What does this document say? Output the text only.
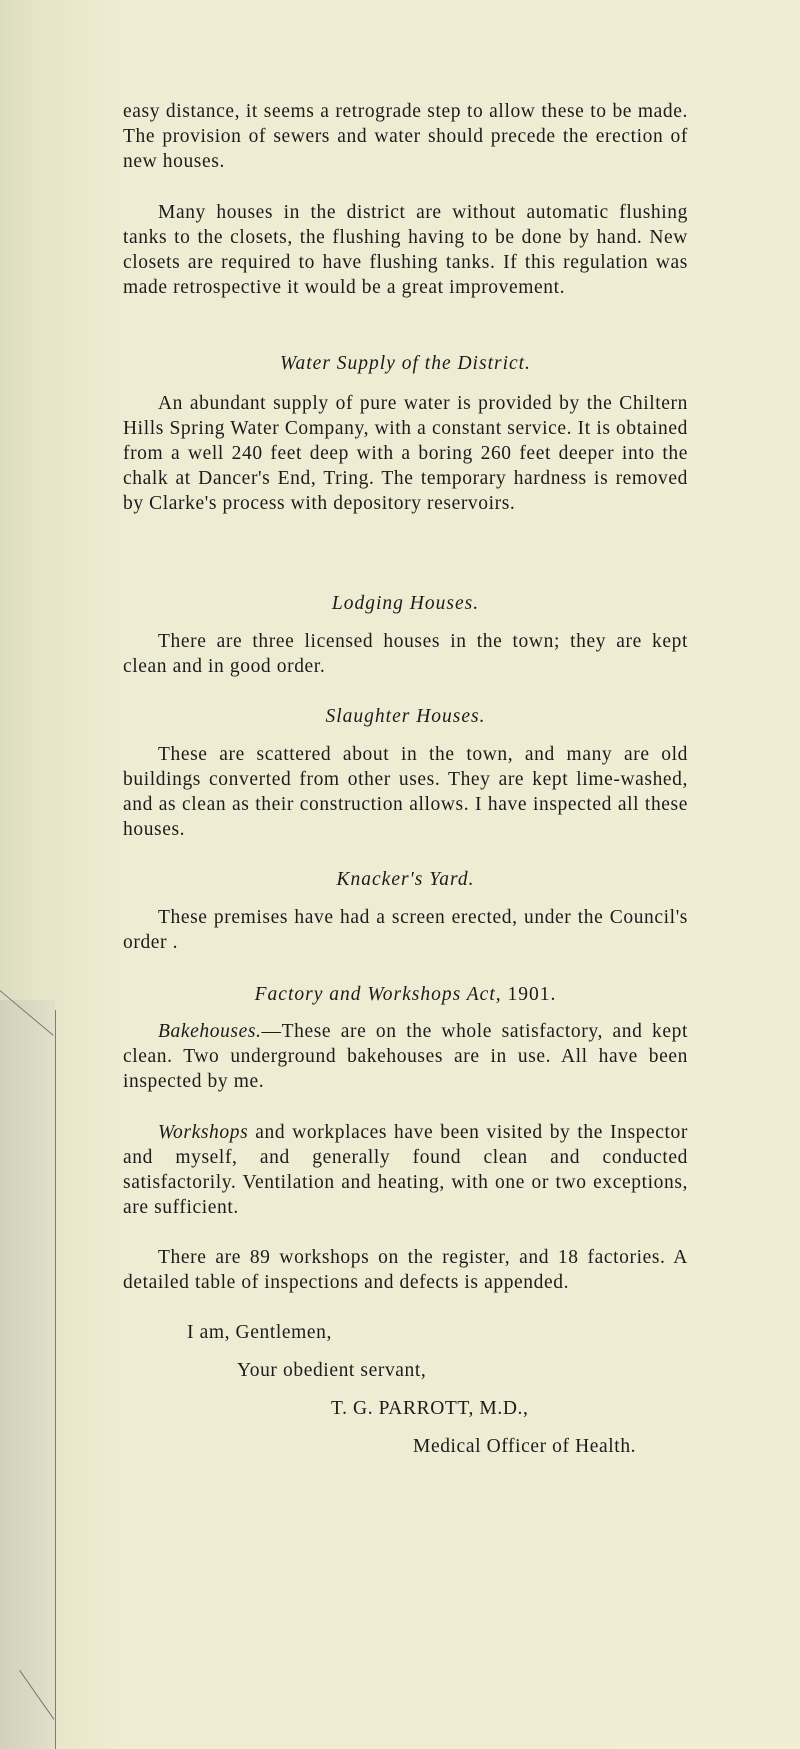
easy distance, it seems a retrograde step to allow these to be made. The provision of sewers and water should precede the erection of new houses.

Many houses in the district are without automatic flushing tanks to the closets, the flushing having to be done by hand. New closets are required to have flushing tanks. If this regulation was made retrospective it would be a great improvement.

Water Supply of the District.

An abundant supply of pure water is provided by the Chiltern Hills Spring Water Company, with a constant service. It is obtained from a well 240 feet deep with a boring 260 feet deeper into the chalk at Dancer's End, Tring. The temporary hardness is removed by Clarke's process with depository reservoirs.

Lodging Houses.

There are three licensed houses in the town; they are kept clean and in good order.

Slaughter Houses.

These are scattered about in the town, and many are old buildings converted from other uses. They are kept lime-washed, and as clean as their construction allows. I have inspected all these houses.

Knacker's Yard.

These premises have had a screen erected, under the Council's order .

Factory and Workshops Act, 1901.

Bakehouses.—These are on the whole satisfactory, and kept clean. Two underground bakehouses are in use. All have been inspected by me.

Workshops and workplaces have been visited by the Inspector and myself, and generally found clean and conducted satisfactorily. Ventilation and heating, with one or two exceptions, are sufficient.

There are 89 workshops on the register, and 18 factories. A detailed table of inspections and defects is appended.

I am, Gentlemen,
Your obedient servant,
T. G. PARROTT, M.D.,
Medical Officer of Health.
